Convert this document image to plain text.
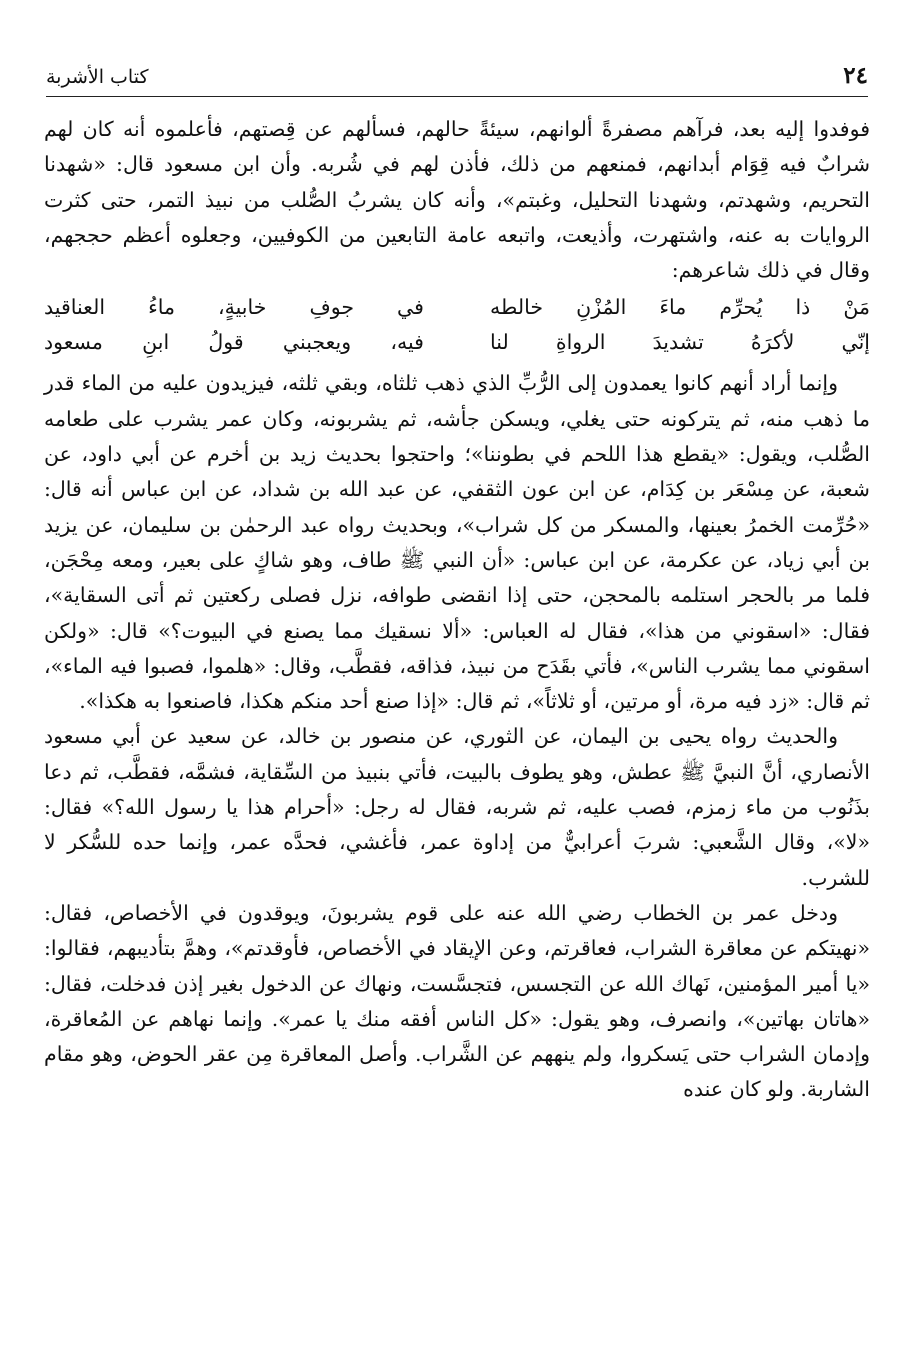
٢٤
كتاب الأشربة

فوفدوا إليه بعد، فرآهم مصفرةً ألوانهم، سيئةً حالهم، فسألهم عن قِصتهم، فأعلموه أنه كان لهم شرابٌ فيه قِوَام أبدانهم، فمنعهم من ذلك، فأذن لهم في شُربه. وأن ابن مسعود قال: «شهدنا التحريم، وشهدتم، وشهدنا التحليل، وغبتم»، وأنه كان يشربُ الصُّلب من نبيذ التمر، حتى كثرت الروايات به عنه، واشتهرت، وأذيعت، واتبعه عامة التابعين من الكوفيين، وجعلوه أعظم حججهم، وقال في ذلك شاعرهم:

مَنْ ذا يُحرِّم ماءَ المُزْنِ خالطه
في جوفِ خابيةٍ، ماءُ العناقيد
إنّي لأكرَهُ تشديدَ الرواةِ لنا
فيه، ويعجبني قولُ ابنِ مسعود

وإنما أراد أنهم كانوا يعمدون إلى الرُّبِّ الذي ذهب ثلثاه، وبقي ثلثه، فيزيدون عليه من الماء قدر ما ذهب منه، ثم يتركونه حتى يغلي، ويسكن جأشه، ثم يشربونه، وكان عمر يشرب على طعامه الصُّلب، ويقول: «يقطع هذا اللحم في بطوننا»؛ واحتجوا بحديث زيد بن أخرم عن أبي داود، عن شعبة، عن مِسْعَر بن كِدَام، عن ابن عون الثقفي، عن عبد الله بن شداد، عن ابن عباس أنه قال: «حُرِّمت الخمرُ بعينها، والمسكر من كل شراب»، وبحديث رواه عبد الرحمٰن بن سليمان، عن يزيد بن أبي زياد، عن عكرمة، عن ابن عباس: «أن النبي ﷺ طاف، وهو شاكٍ على بعير، ومعه مِحْجَن، فلما مر بالحجر استلمه بالمحجن، حتى إذا انقضى طوافه، نزل فصلى ركعتين ثم أتى السقاية»، فقال: «اسقوني من هذا»، فقال له العباس: «ألا نسقيك مما يصنع في البيوت؟» قال: «ولكن اسقوني مما يشرب الناس»، فأتي بقَدَح من نبيذ، فذاقه، فقطَّب، وقال: «هلموا، فصبوا فيه الماء»، ثم قال: «زد فيه مرة، أو مرتين، أو ثلاثاً»، ثم قال: «إذا صنع أحد منكم هكذا، فاصنعوا به هكذا».

والحديث رواه يحيى بن اليمان، عن الثوري، عن منصور بن خالد، عن سعيد عن أبي مسعود الأنصاري، أنَّ النبيَّ ﷺ عطش، وهو يطوف بالبيت، فأتي بنبيذ من السِّقاية، فشمَّه، فقطَّب، ثم دعا بذَنُوب من ماء زمزم، فصب عليه، ثم شربه، فقال له رجل: «أحرام هذا يا رسول الله؟» فقال: «لا»، وقال الشَّعبي: شربَ أعرابيٌّ من إداوة عمر، فأغشي، فحدَّه عمر، وإنما حده للسُّكر لا للشرب.

ودخل عمر بن الخطاب رضي الله عنه على قوم يشربونَ، ويوقدون في الأخصاص، فقال: «نهيتكم عن معاقرة الشراب، فعاقرتم، وعن الإيقاد في الأخصاص، فأوقدتم»، وهمَّ بتأديبهم، فقالوا: «يا أمير المؤمنين، نَهاك الله عن التجسس، فتجسَّست، ونهاك عن الدخول بغير إذن فدخلت، فقال: «هاتان بهاتين»، وانصرف، وهو يقول: «كل الناس أفقه منك يا عمر». وإنما نهاهم عن المُعاقرة، وإدمان الشراب حتى يَسكروا، ولم ينههم عن الشَّراب. وأصل المعاقرة مِن عقر الحوض، وهو مقام الشاربة. ولو كان عنده
